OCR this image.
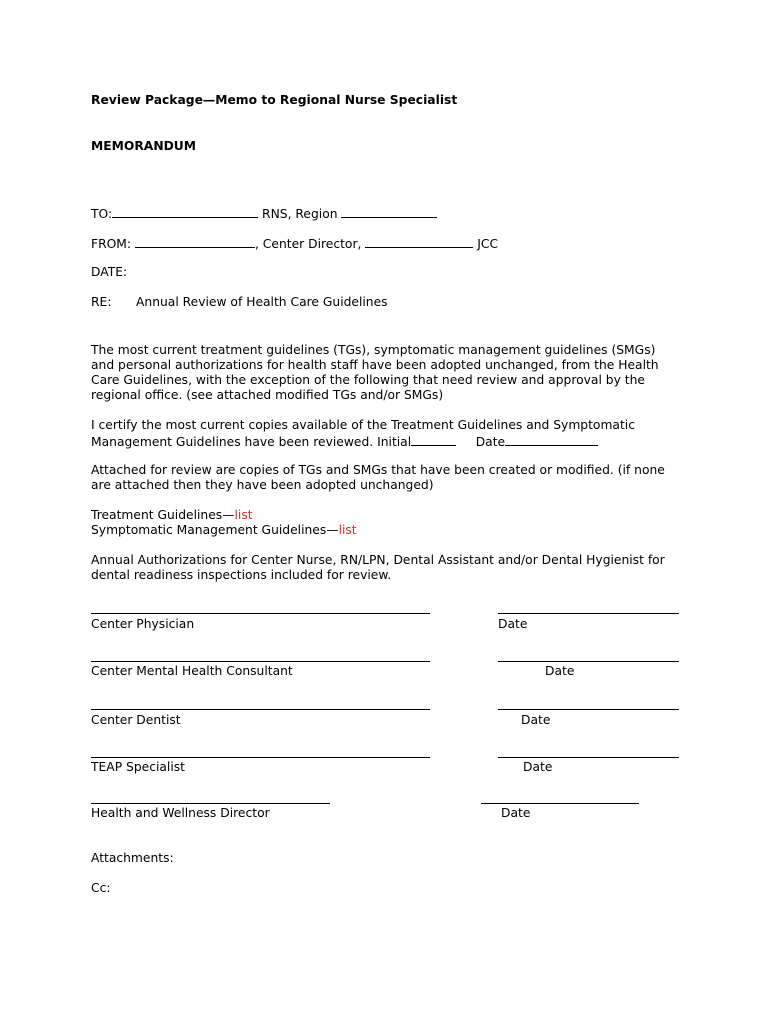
Review Package—Memo to Regional Nurse Specialist
MEMORANDUM
TO:	RNS, Region
FROM:	, Center Director,	JCC
DATE:
RE: Annual Review of Health Care Guidelines
The most current treatment guidelines (TGs), symptomatic management guidelines (SMGs)
and personal authorizations for health staff have been adopted unchanged, from the Health
Care Guidelines, with the exception of the following that need review and approval by the
regional office. (see attached modified TGs and/or SMGs)
I certify the most current copies available of the Treatment Guidelines and Symptomatic
Management Guidelines have been reviewed. Initial	Date
Attached for review are copies of TGs and SMGs that have been created or modified. (if none
are attached then they have been adopted unchanged)
Treatment Guidelines—list
Symptomatic Management Guidelines—list
Annual Authorizations for Center Nurse, RN/LPN, Dental Assistant and/or Dental Hygienist for
dental readiness inspections included for review.
Center Physician	Date
Center Mental Health Consultant	Date
Center Dentist	Date
TEAP Specialist	Date
Health and Wellness Director	Date
Attachments:
Cc:
